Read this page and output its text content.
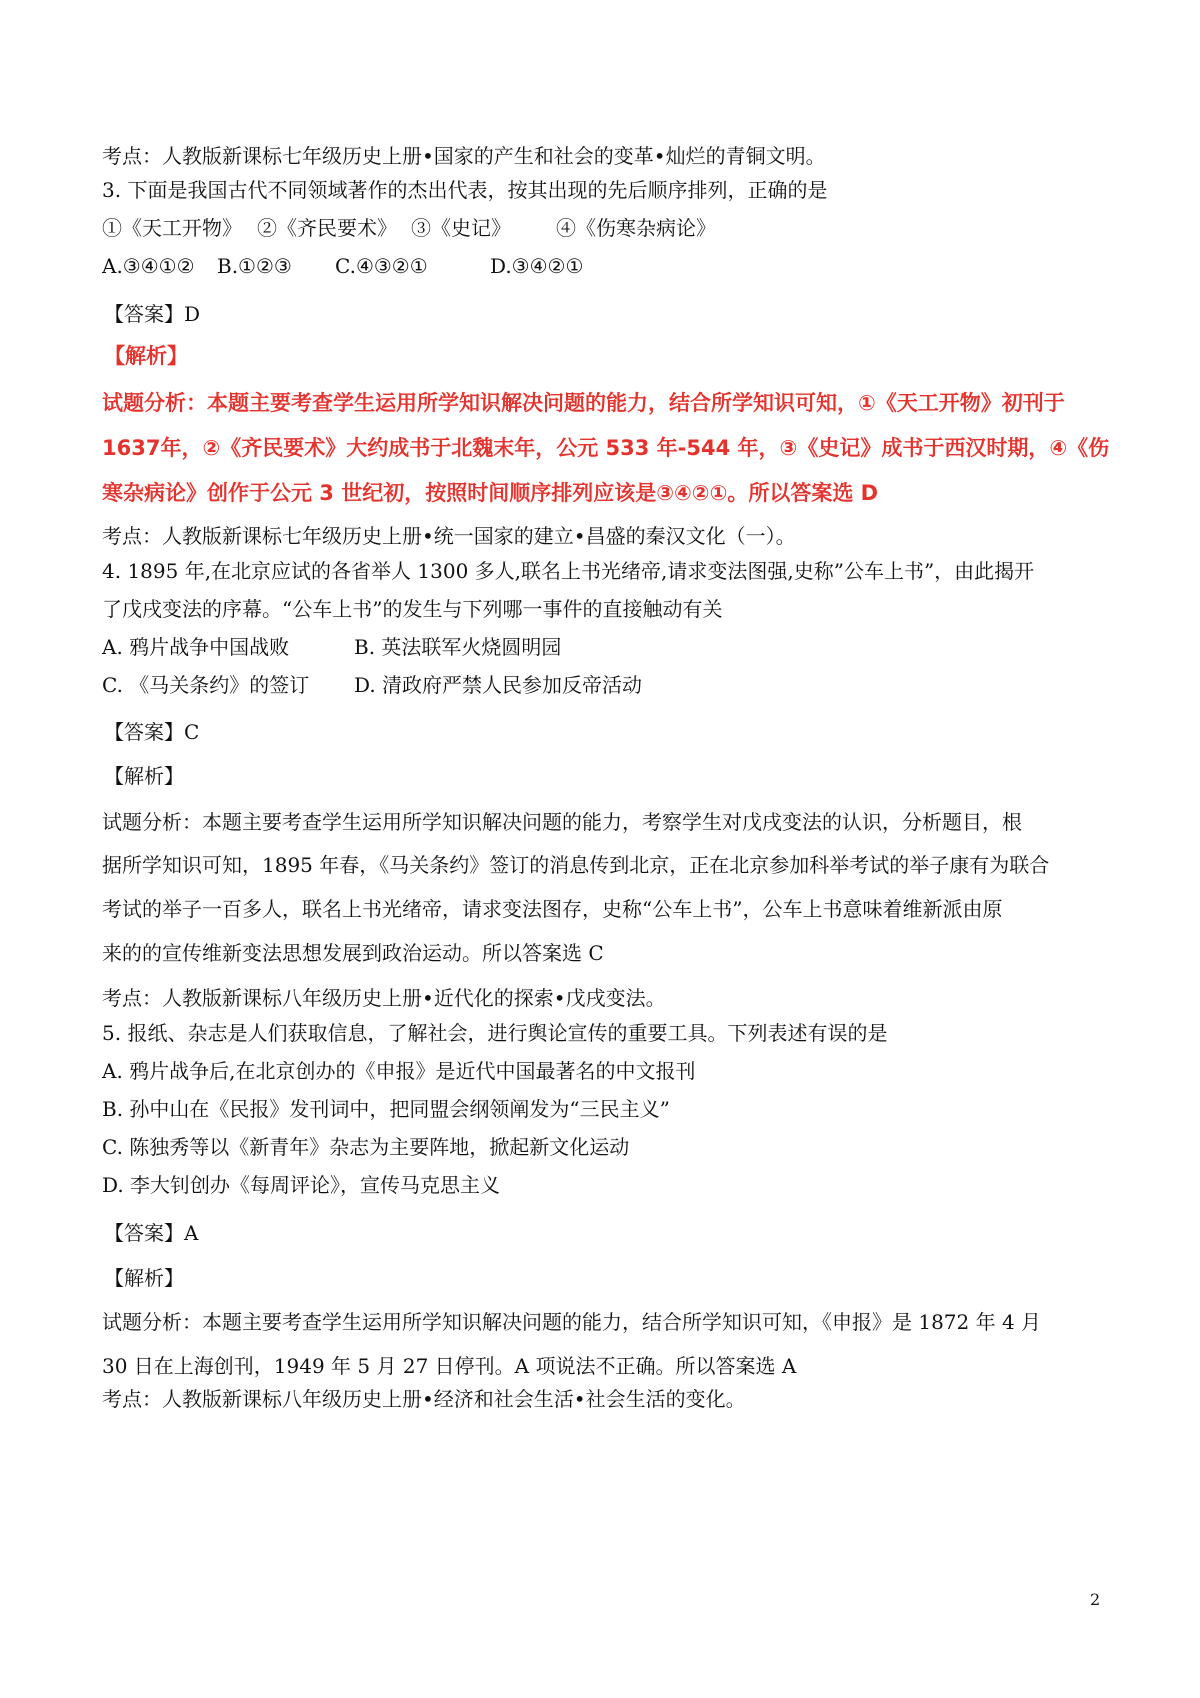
考点：人教版新课标七年级历史上册•国家的产生和社会的变革•灿烂的青铜文明。
3. 下面是我国古代不同领域著作的杰出代表，按其出现的先后顺序排列，正确的是
①《天工开物》 ②《齐民要术》 ③《史记》 ④《伤寒杂病论》
A.③④①② B.①②③ C.④③②①	D.③④②①
【答案】D
【解析】
试题分析：本题主要考查学生运用所学知识解决问题的能力，结合所学知识可知，①《天工开物》初刊于
1637年，②《齐民要术》大约成书于北魏末年，公元 533 年-544 年，③《史记》成书于西汉时期，④《伤
寒杂病论》创作于公元 3 世纪初，按照时间顺序排列应该是③④②①。所以答案选 D
考点：人教版新课标七年级历史上册•统一国家的建立•昌盛的秦汉文化（一）。
4. 1895 年,在北京应试的各省举人 1300 多人,联名上书光绪帝,请求变法图强,史称”公车上书”，由此揭开
了戊戌变法的序幕。“公车上书”的发生与下列哪一事件的直接触动有关
A. 鸦片战争中国战败	B. 英法联军火烧圆明园
C. 《马关条约》的签订 D. 清政府严禁人民参加反帝活动
【答案】C
【解析】
试题分析：本题主要考查学生运用所学知识解决问题的能力，考察学生对戊戌变法的认识，分析题目，根
据所学知识可知，1895 年春，《马关条约》签订的消息传到北京，正在北京参加科举考试的举子康有为联合
考试的举子一百多人，联名上书光绪帝，请求变法图存，史称“公车上书”，公车上书意味着维新派由原
来的的宣传维新变法思想发展到政治运动。所以答案选 C
考点：人教版新课标八年级历史上册•近代化的探索•戊戌变法。
5. 报纸、杂志是人们获取信息，了解社会，进行舆论宣传的重要工具。下列表述有误的是
A. 鸦片战争后,在北京创办的《申报》是近代中国最著名的中文报刊
B. 孙中山在《民报》发刊词中，把同盟会纲领阐发为“三民主义”
C. 陈独秀等以《新青年》杂志为主要阵地，掀起新文化运动
D. 李大钊创办《每周评论》，宣传马克思主义
【答案】A
【解析】
试题分析：本题主要考查学生运用所学知识解决问题的能力，结合所学知识可知，《申报》是 1872 年 4 月
30 日在上海创刊，1949 年 5 月 27 日停刊。A 项说法不正确。所以答案选 A
考点：人教版新课标八年级历史上册•经济和社会生活•社会生活的变化。
2
